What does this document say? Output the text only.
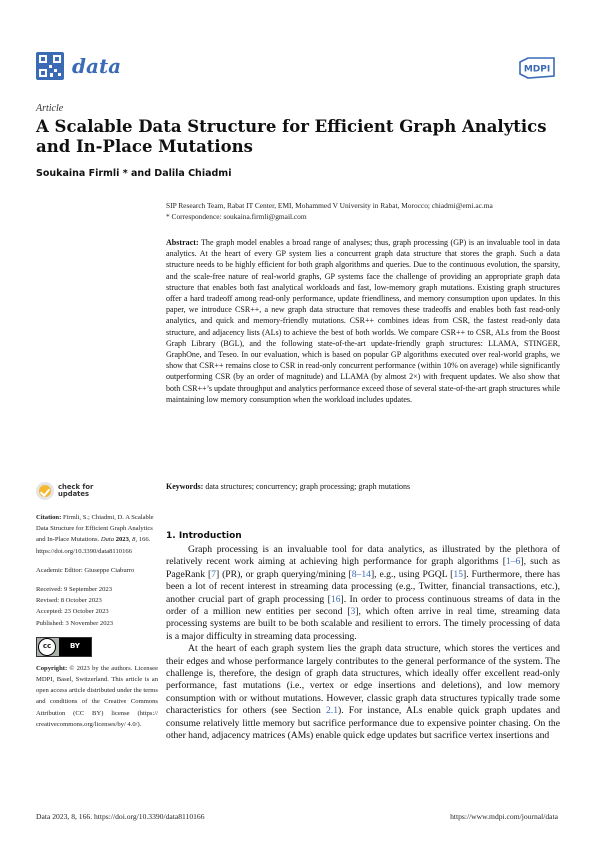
data	MDPI
Article
A Scalable Data Structure for Efficient Graph Analytics and In-Place Mutations
Soukaina Firmli * and Dalila Chiadmi
SIP Research Team, Rabat IT Center, EMI, Mohammed V University in Rabat, Morocco; chiadmi@emi.ac.ma
* Correspondence: soukaina.firmli@gmail.com
Abstract: The graph model enables a broad range of analyses; thus, graph processing (GP) is an invaluable tool in data analytics. At the heart of every GP system lies a concurrent graph data structure that stores the graph. Such a data structure needs to be highly efficient for both graph algorithms and queries. Due to the continuous evolution, the sparsity, and the scale-free nature of real-world graphs, GP systems face the challenge of providing an appropriate graph data structure that enables both fast analytical workloads and fast, low-memory graph mutations. Existing graph structures offer a hard tradeoff among read-only performance, update friendliness, and memory consumption upon updates. In this paper, we introduce CSR++, a new graph data structure that removes these tradeoffs and enables both fast read-only analytics, and quick and memory-friendly mutations. CSR++ combines ideas from CSR, the fastest read-only data structure, and adjacency lists (ALs) to achieve the best of both worlds. We compare CSR++ to CSR, ALs from the Boost Graph Library (BGL), and the following state-of-the-art update-friendly graph structures: LLAMA, STINGER, GraphOne, and Teseo. In our evaluation, which is based on popular GP algorithms executed over real-world graphs, we show that CSR++ remains close to CSR in read-only concurrent performance (within 10% on average) while significantly outperforming CSR (by an order of magnitude) and LLAMA (by almost 2×) with frequent updates. We also show that both CSR++’s update throughput and analytics performance exceed those of several state-of-the-art graph structures while maintaining low memory consumption when the workload includes updates.
Keywords: data structures; concurrency; graph processing; graph mutations
check for
updates
Citation: Firmli, S.; Chiadmi, D. A Scalable Data Structure for Efficient Graph Analytics and In-Place Mutations. Data 2023, 8, 166. https://doi.org/10.3390/data8110166
Academic Editor: Giuseppe Ciaburro
Received: 9 September 2023
Revised: 8 October 2023
Accepted: 23 October 2023
Published: 3 November 2023
cc	BY
Copyright: © 2023 by the authors. Licensee MDPI, Basel, Switzerland. This article is an open access article distributed under the terms and conditions of the Creative Commons Attribution (CC BY) license (https:// creativecommons.org/licenses/by/ 4.0/).
1. Introduction

Graph processing is an invaluable tool for data analytics, as illustrated by the plethora of relatively recent work aiming at achieving high performance for graph algorithms [1–6], such as PageRank [7] (PR), or graph querying/mining [8–14], e.g., using PGQL [15]. Furthermore, there has been a lot of recent interest in streaming data processing (e.g., Twitter, financial transactions, etc.), another crucial part of graph processing [16]. In order to process continuous streams of data in the order of a million new entities per second [3], which often arrive in real time, streaming data processing systems are built to be both scalable and resilient to errors. The timely processing of data is a major difficulty in streaming data processing.

At the heart of each graph system lies the graph data structure, which stores the vertices and their edges and whose performance largely contributes to the general performance of the system. The challenge is, therefore, the design of graph data structures, which ideally offer excellent read-only performance, fast mutations (i.e., vertex or edge insertions and deletions), and low memory consumption with or without mutations. However, classic graph data structures typically trade some characteristics for others (see Section 2.1). For instance, ALs enable quick graph updates and consume relatively little memory but sacrifice performance due to expensive pointer chasing. On the other hand, adjacency matrices (AMs) enable quick edge updates but sacrifice vertex insertions and

Data 2023, 8, 166. https://doi.org/10.3390/data8110166	https://www.mdpi.com/journal/data
